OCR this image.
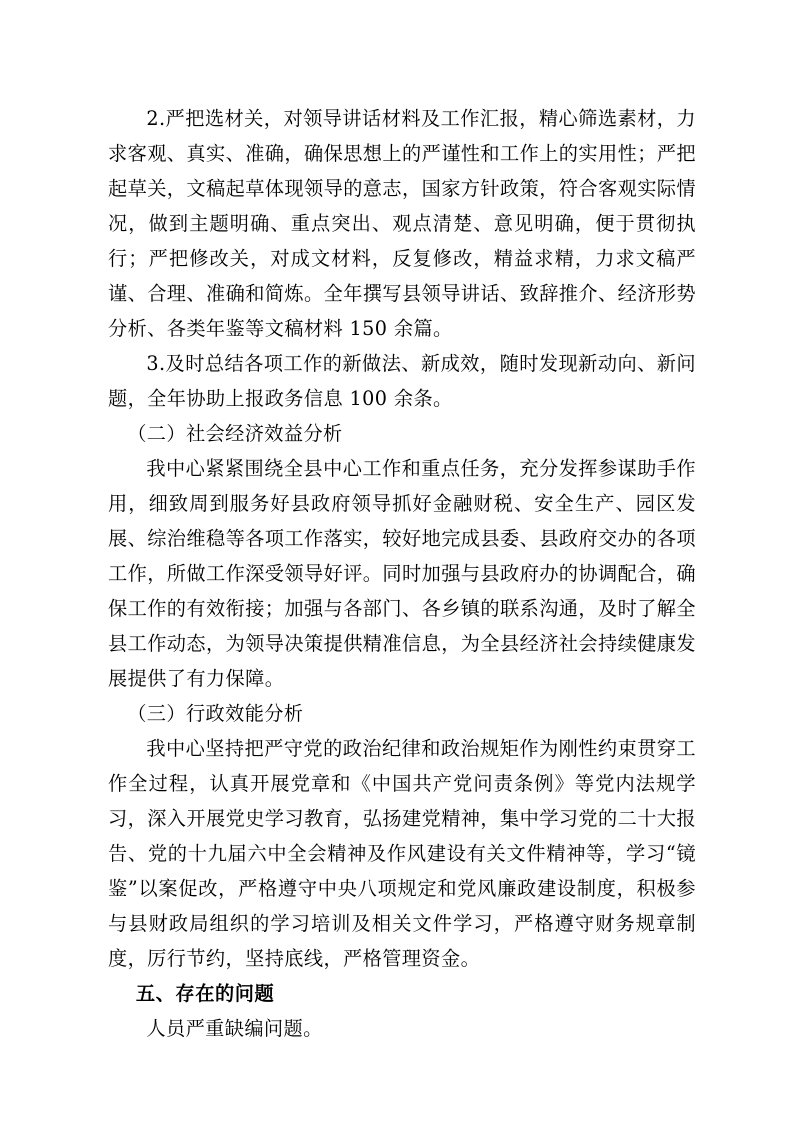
2.严把选材关，对领导讲话材料及工作汇报，精心筛选素材，力求客观、真实、准确，确保思想上的严谨性和工作上的实用性；严把起草关，文稿起草体现领导的意志，国家方针政策，符合客观实际情况，做到主题明确、重点突出、观点清楚、意见明确，便于贯彻执行；严把修改关，对成文材料，反复修改，精益求精，力求文稿严谨、合理、准确和简炼。全年撰写县领导讲话、致辞推介、经济形势分析、各类年鉴等文稿材料 150 余篇。

3.及时总结各项工作的新做法、新成效，随时发现新动向、新问题，全年协助上报政务信息 100 余条。

（二）社会经济效益分析

我中心紧紧围绕全县中心工作和重点任务，充分发挥参谋助手作用，细致周到服务好县政府领导抓好金融财税、安全生产、园区发展、综治维稳等各项工作落实，较好地完成县委、县政府交办的各项工作，所做工作深受领导好评。同时加强与县政府办的协调配合，确保工作的有效衔接；加强与各部门、各乡镇的联系沟通，及时了解全县工作动态，为领导决策提供精准信息，为全县经济社会持续健康发展提供了有力保障。

（三）行政效能分析

我中心坚持把严守党的政治纪律和政治规矩作为刚性约束贯穿工作全过程，认真开展党章和《中国共产党问责条例》等党内法规学习，深入开展党史学习教育，弘扬建党精神，集中学习党的二十大报告、党的十九届六中全会精神及作风建设有关文件精神等，学习“镜鉴”以案促改，严格遵守中央八项规定和党风廉政建设制度，积极参与县财政局组织的学习培训及相关文件学习，严格遵守财务规章制度，厉行节约，坚持底线，严格管理资金。

五、存在的问题

人员严重缺编问题。
